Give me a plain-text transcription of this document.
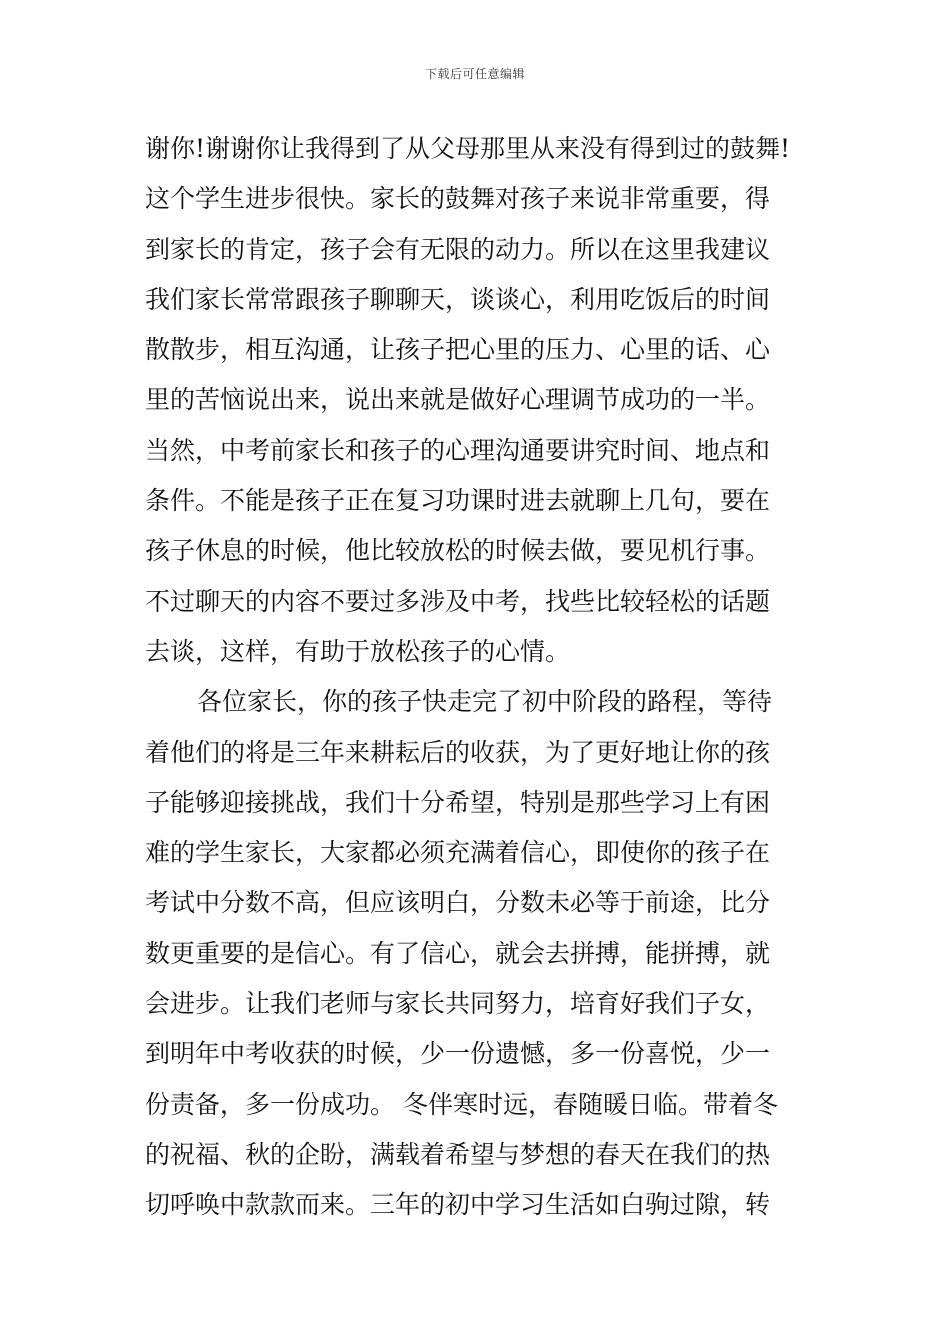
下载后可任意编辑
谢你!谢谢你让我得到了从父母那里从来没有得到过的鼓舞!
这个学生进步很快。家长的鼓舞对孩子来说非常重要，得
到家长的肯定，孩子会有无限的动力。所以在这里我建议
我们家长常常跟孩子聊聊天，谈谈心，利用吃饭后的时间
散散步，相互沟通，让孩子把心里的压力、心里的话、心
里的苦恼说出来，说出来就是做好心理调节成功的一半。
当然，中考前家长和孩子的心理沟通要讲究时间、地点和
条件。不能是孩子正在复习功课时进去就聊上几句，要在
孩子休息的时候，他比较放松的时候去做，要见机行事。
不过聊天的内容不要过多涉及中考，找些比较轻松的话题
去谈，这样，有助于放松孩子的心情。
各位家长，你的孩子快走完了初中阶段的路程，等待
着他们的将是三年来耕耘后的收获，为了更好地让你的孩
子能够迎接挑战，我们十分希望，特别是那些学习上有困
难的学生家长，大家都必须充满着信心，即使你的孩子在
考试中分数不高，但应该明白，分数未必等于前途，比分
数更重要的是信心。有了信心，就会去拼搏，能拼搏，就
会进步。让我们老师与家长共同努力，培育好我们子女，
到明年中考收获的时候，少一份遗憾，多一份喜悦，少一
份责备，多一份成功。 冬伴寒时远，春随暖日临。带着冬
的祝福、秋的企盼，满载着希望与梦想的春天在我们的热
切呼唤中款款而来。三年的初中学习生活如白驹过隙，转
